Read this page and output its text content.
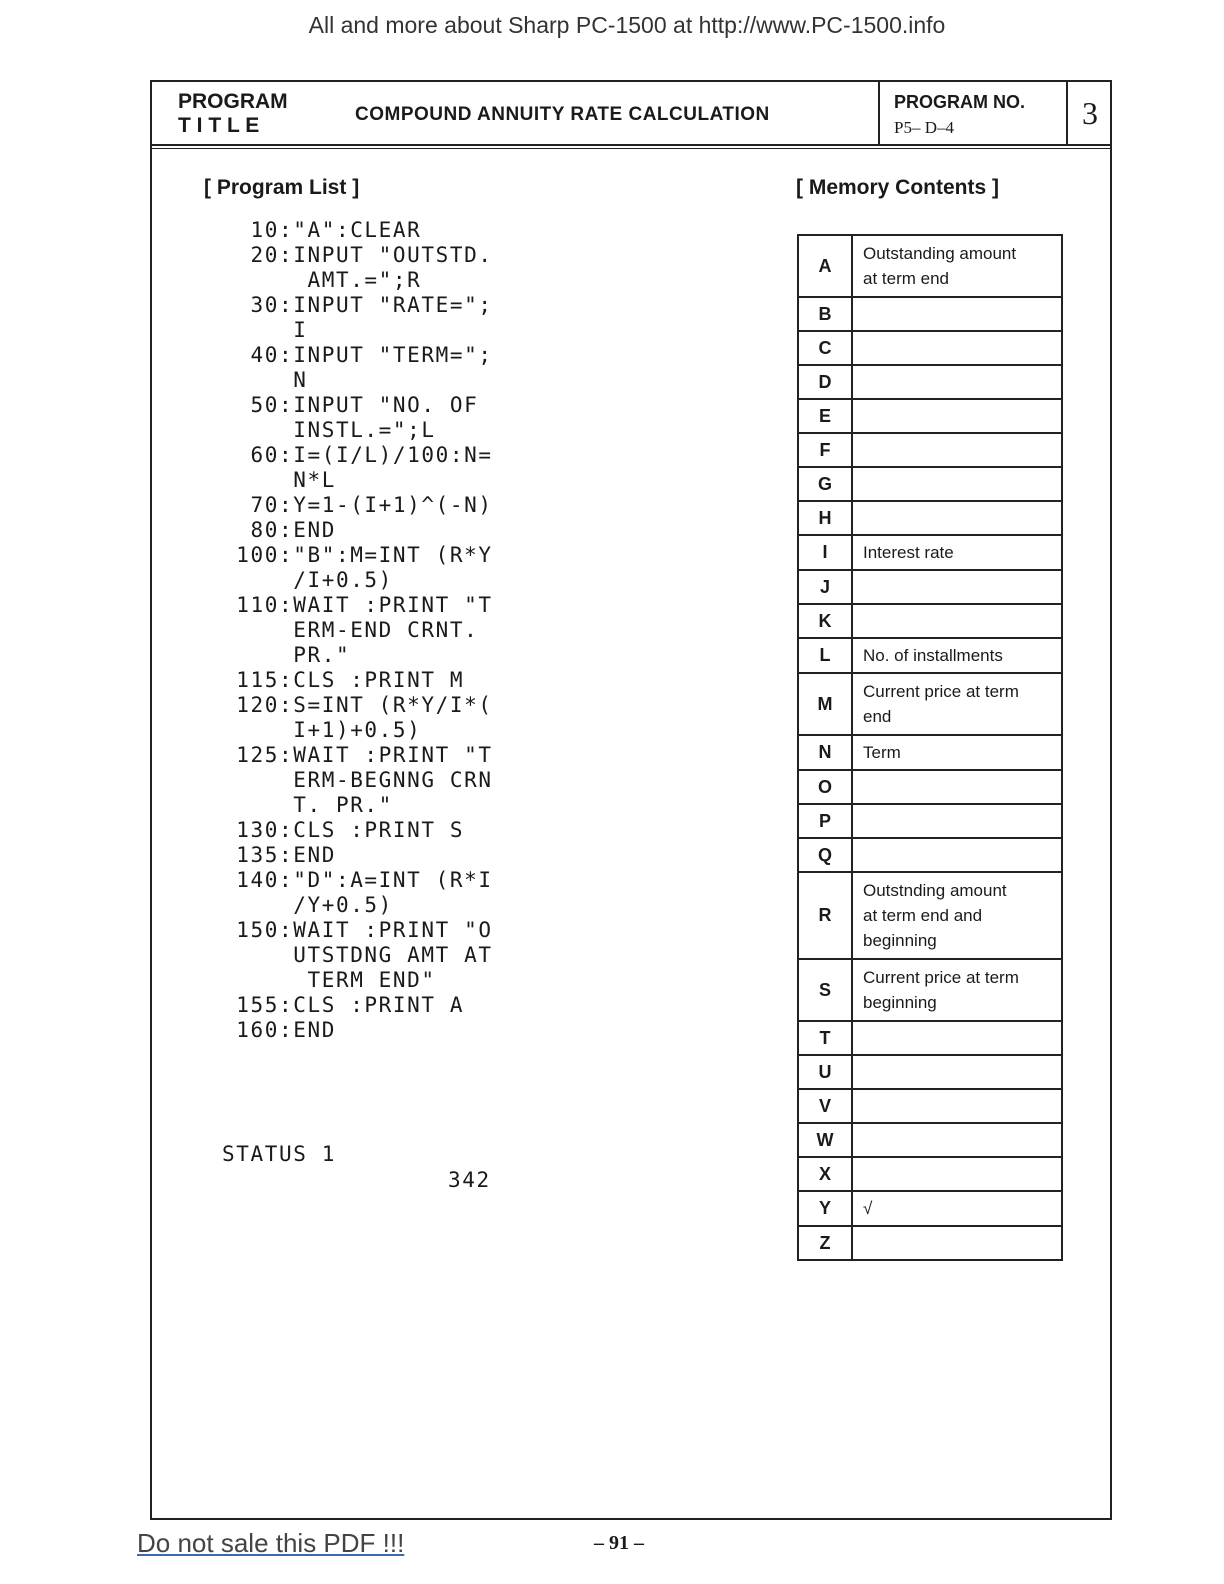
All and more about Sharp PC-1500 at http://www.PC-1500.info
PROGRAM
T I T L E	COMPOUND ANNUITY RATE CALCULATION
PROGRAM NO.
P5– D–4	3
[ Program List ]	[ Memory Contents ]
10:"A":CLEAR
20:INPUT "OUTSTD.
AMT.=";R
30:INPUT "RATE=";
I
40:INPUT "TERM=";
N
50:INPUT "NO. OF
INSTL.=";L
60:I=(I/L)/100:N=
N*L
70:Y=1-(I+1)^(-N)
80:END
100:"B":M=INT (R*Y
/I+0.5)
110:WAIT :PRINT "T
ERM-END CRNT.
PR."
115:CLS :PRINT M
120:S=INT (R*Y/I*(
I+1)+0.5)
125:WAIT :PRINT "T
ERM-BEGNNG CRN
T. PR."
130:CLS :PRINT S
135:END
140:"D":A=INT (R*I
/Y+0.5)
150:WAIT :PRINT "O
UTSTDNG AMT AT
TERM END"
155:CLS :PRINT A
160:END

STATUS 1
342
A	Outstanding amount
at term end
B	
C	
D	
E	
F	
G	
H	
I	Interest rate
J	
K	
L	No. of installments
M	Current price at term
end
N	Term
O	
P	
Q	
R	Outstnding amount
at term end and
beginning
S	Current price at term
beginning
T	
U	
V	
W	
X	
Y	√
Z	
Do not sale this PDF !!!	– 91 –
